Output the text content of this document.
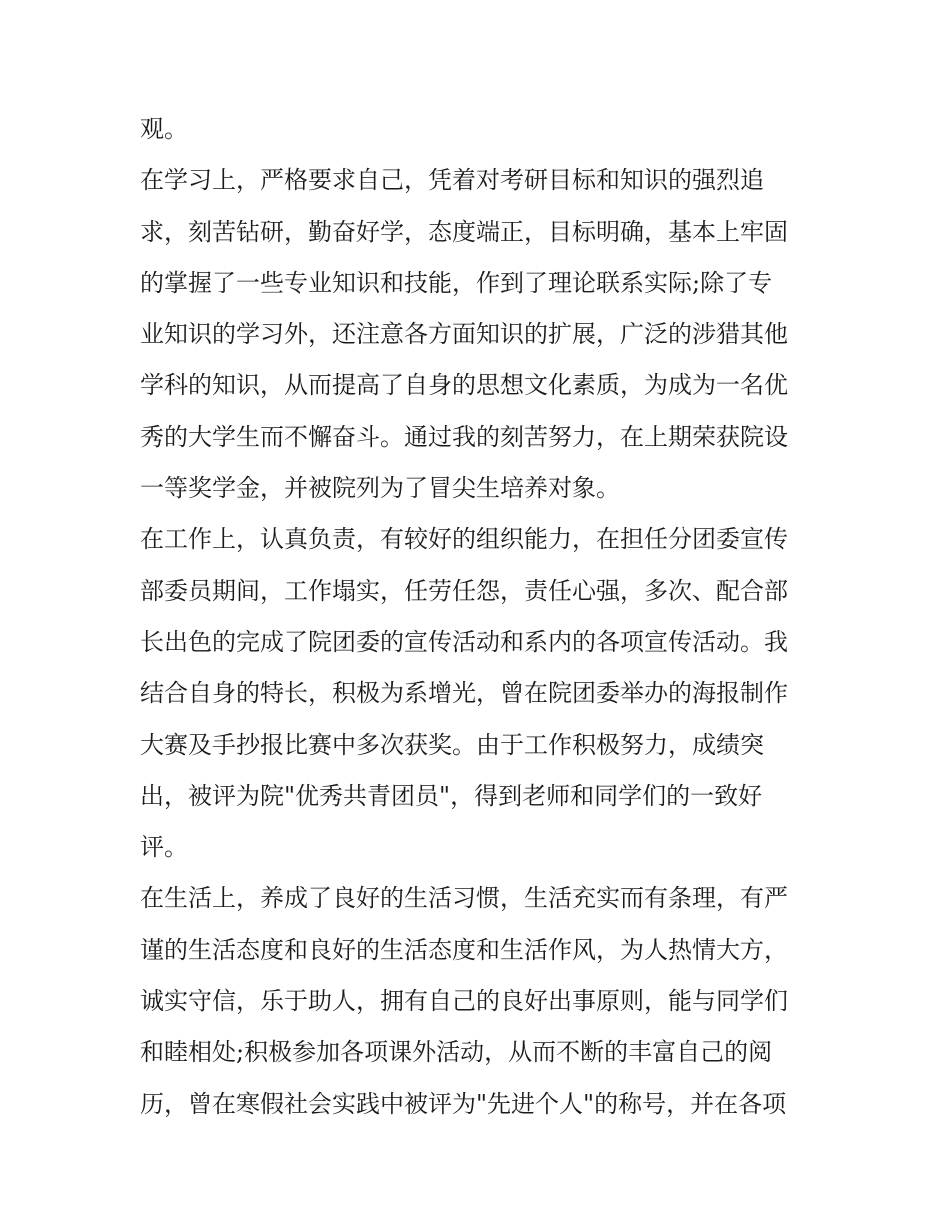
观。
在学习上，严格要求自己，凭着对考研目标和知识的强烈追
求，刻苦钻研，勤奋好学，态度端正，目标明确，基本上牢固
的掌握了一些专业知识和技能，作到了理论联系实际;除了专
业知识的学习外，还注意各方面知识的扩展，广泛的涉猎其他
学科的知识，从而提高了自身的思想文化素质，为成为一名优
秀的大学生而不懈奋斗。通过我的刻苦努力，在上期荣获院设
一等奖学金，并被院列为了冒尖生培养对象。
在工作上，认真负责，有较好的组织能力，在担任分团委宣传
部委员期间，工作塌实，任劳任怨，责任心强，多次、配合部
长出色的完成了院团委的宣传活动和系内的各项宣传活动。我
结合自身的特长，积极为系增光，曾在院团委举办的海报制作
大赛及手抄报比赛中多次获奖。由于工作积极努力，成绩突
出，被评为院"优秀共青团员"，得到老师和同学们的一致好
评。
在生活上，养成了良好的生活习惯，生活充实而有条理，有严
谨的生活态度和良好的生活态度和生活作风，为人热情大方，
诚实守信，乐于助人，拥有自己的良好出事原则，能与同学们
和睦相处;积极参加各项课外活动，从而不断的丰富自己的阅
历，曾在寒假社会实践中被评为"先进个人"的称号，并在各项
